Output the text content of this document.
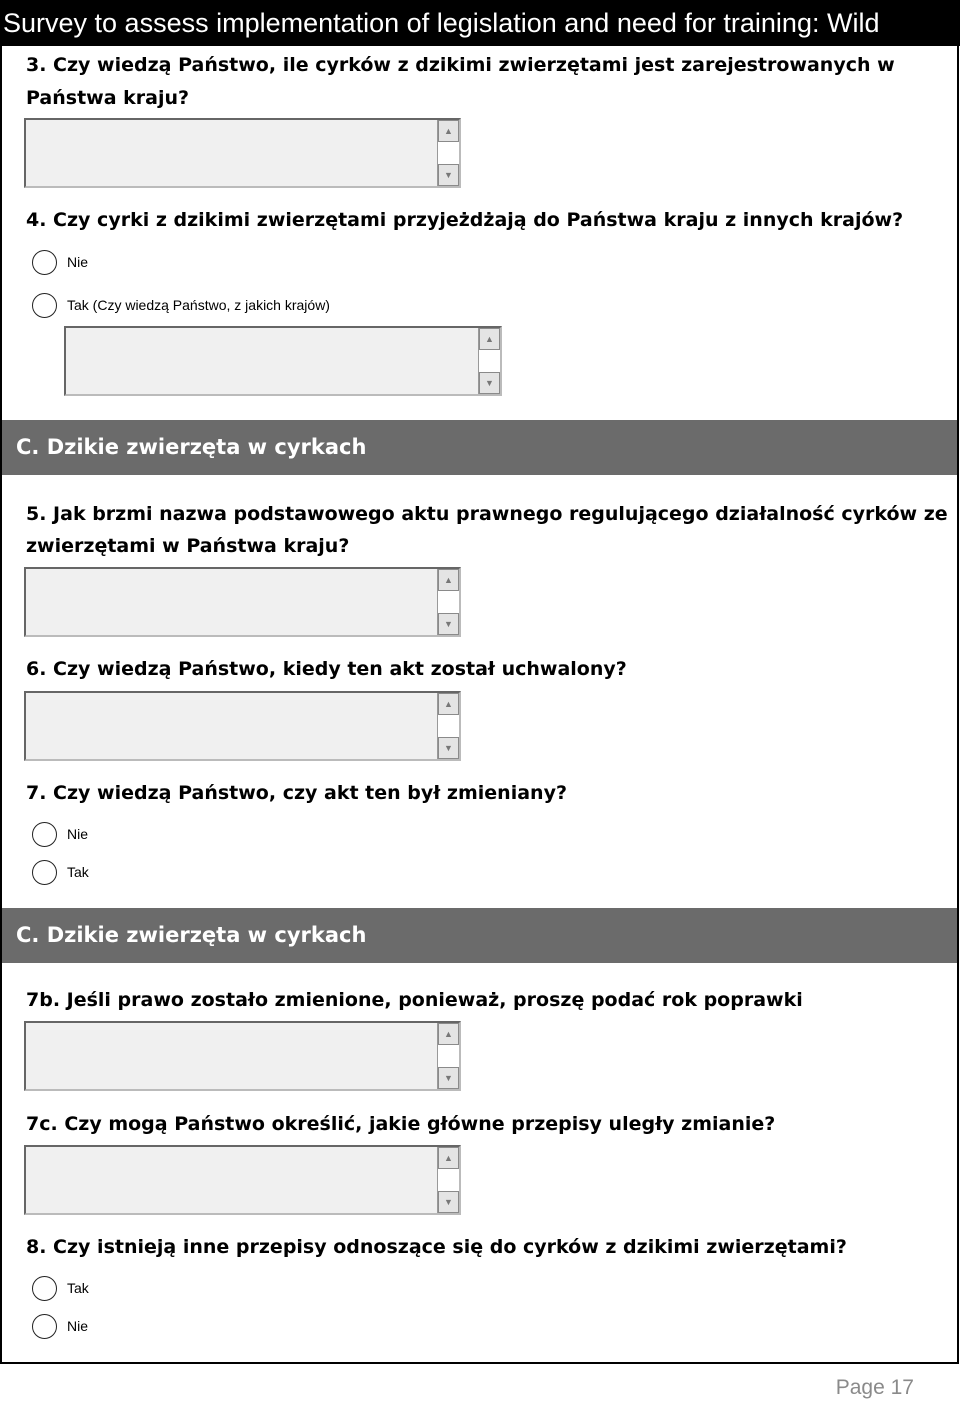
Survey to assess implementation of legislation and need for training: Wild
3. Czy wiedzą Państwo, ile cyrków z dzikimi zwierzętami jest zarejestrowanych w
Państwa kraju?
▲
▼
4. Czy cyrki z dzikimi zwierzętami przyjeżdżają do Państwa kraju z innych krajów?
Nie
Tak (Czy wiedzą Państwo, z jakich krajów)
▲
▼
C. Dzikie zwierzęta w cyrkach
5. Jak brzmi nazwa podstawowego aktu prawnego regulującego działalność cyrków ze
zwierzętami w Państwa kraju?
▲
▼
6. Czy wiedzą Państwo, kiedy ten akt został uchwalony?
▲
▼
7. Czy wiedzą Państwo, czy akt ten był zmieniany?
Nie
Tak
C. Dzikie zwierzęta w cyrkach
7b. Jeśli prawo zostało zmienione, ponieważ, proszę podać rok poprawki
▲
▼
7c. Czy mogą Państwo określić, jakie główne przepisy uległy zmianie?
▲
▼
8. Czy istnieją inne przepisy odnoszące się do cyrków z dzikimi zwierzętami?
Tak
Nie
Page 17
